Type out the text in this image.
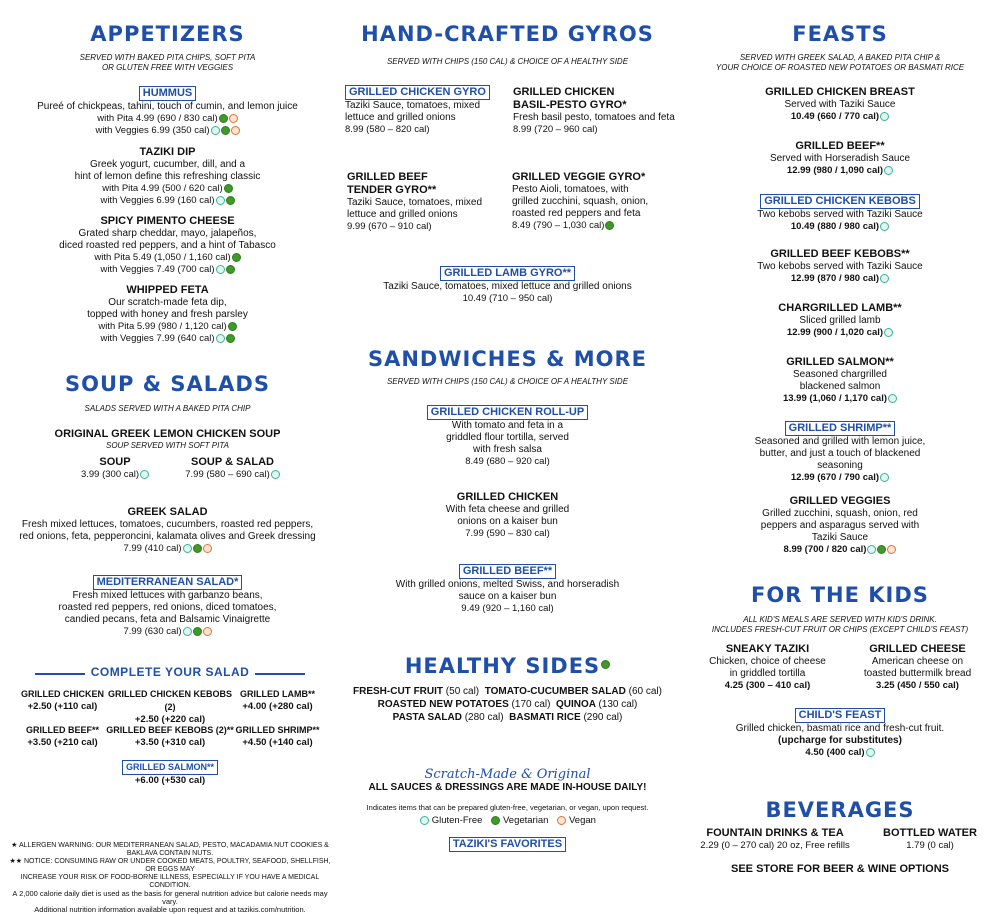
APPETIZERS
SERVED WITH BAKED PITA CHIPS, SOFT PITA
OR GLUTEN FREE WITH VEGGIES
HUMMUS
Pureé of chickpeas, tahini, touch of cumin, and lemon juice
with Pita 4.99 (690 / 830 cal)
with Veggies 6.99 (350 cal)
TAZIKI DIP
Greek yogurt, cucumber, dill, and a
hint of lemon define this refreshing classic
with Pita 4.99 (500 / 620 cal)
with Veggies 6.99 (160 cal)
SPICY PIMENTO CHEESE
Grated sharp cheddar, mayo, jalapeños,
diced roasted red peppers, and a hint of Tabasco
with Pita 5.49 (1,050 / 1,160 cal)
with Veggies 7.49 (700 cal)
WHIPPED FETA
Our scratch-made feta dip,
topped with honey and fresh parsley
with Pita 5.99 (980 / 1,120 cal)
with Veggies 7.99 (640 cal)
SOUP & SALADS
SALADS SERVED WITH A BAKED PITA CHIP
ORIGINAL GREEK LEMON CHICKEN SOUP
SOUP SERVED WITH SOFT PITA
SOUP
3.99 (300 cal)
SOUP & SALAD
7.99 (580 – 690 cal)
GREEK SALAD
Fresh mixed lettuces, tomatoes, cucumbers, roasted red peppers,
red onions, feta, pepperoncini, kalamata olives and Greek dressing
7.99 (410 cal)
MEDITERRANEAN SALAD*
Fresh mixed lettuces with garbanzo beans,
roasted red peppers, red onions, diced tomatoes,
candied pecans, feta and Balsamic Vinaigrette
7.99 (630 cal)
COMPLETE YOUR SALAD
GRILLED CHICKEN
+2.50 (+110 cal)
GRILLED CHICKEN KEBOBS (2)
+2.50 (+220 cal)
GRILLED LAMB**
+4.00 (+280 cal)
GRILLED BEEF**
+3.50 (+210 cal)
GRILLED BEEF KEBOBS (2)**
+3.50 (+310 cal)
GRILLED SHRIMP**
+4.50 (+140 cal)
GRILLED SALMON**
+6.00 (+530 cal)
★ ALLERGEN WARNING: OUR MEDITERRANEAN SALAD, PESTO, MACADAMIA NUT COOKIES & BAKLAVA CONTAIN NUTS.
★★ NOTICE: CONSUMING RAW OR UNDER COOKED MEATS, POULTRY, SEAFOOD, SHELLFISH, OR EGGS MAY
INCREASE YOUR RISK OF FOOD-BORNE ILLNESS, ESPECIALLY IF YOU HAVE A MEDICAL CONDITION.
A 2,000 calorie daily diet is used as the basis for general nutrition advice but calorie needs may vary.
Additional nutrition information available upon request and at tazikis.com/nutrition.
HAND-CRAFTED GYROS
SERVED WITH CHIPS (150 CAL) & CHOICE OF A HEALTHY SIDE
GRILLED CHICKEN GYRO
Taziki Sauce, tomatoes, mixed
lettuce and grilled onions
8.99 (580 – 820 cal)
GRILLED CHICKEN
BASIL-PESTO GYRO*
Fresh basil pesto, tomatoes and feta
8.99 (720 – 960 cal)
GRILLED BEEF
TENDER GYRO**
Taziki Sauce, tomatoes, mixed
lettuce and grilled onions
9.99 (670 – 910 cal)
GRILLED VEGGIE GYRO*
Pesto Aioli, tomatoes, with
grilled zucchini, squash, onion,
roasted red peppers and feta
8.49 (790 – 1,030 cal)
GRILLED LAMB GYRO**
Taziki Sauce, tomatoes, mixed lettuce and grilled onions
10.49 (710 – 950 cal)
SANDWICHES & MORE
SERVED WITH CHIPS (150 CAL) & CHOICE OF A HEALTHY SIDE
GRILLED CHICKEN ROLL-UP
With tomato and feta in a
griddled flour tortilla, served
with fresh salsa
8.49 (680 – 920 cal)
GRILLED CHICKEN
With feta cheese and grilled
onions on a kaiser bun
7.99 (590 – 830 cal)
GRILLED BEEF**
With grilled onions, melted Swiss, and horseradish
sauce on a kaiser bun
9.49 (920 – 1,160 cal)
HEALTHY SIDES
FRESH-CUT FRUIT (50 cal) TOMATO-CUCUMBER SALAD (60 cal)
ROASTED NEW POTATOES (170 cal) QUINOA (130 cal)
PASTA SALAD (280 cal) BASMATI RICE (290 cal)
Scratch-Made & Original
ALL SAUCES & DRESSINGS ARE MADE IN-HOUSE DAILY!
Indicates items that can be prepared gluten-free, vegetarian, or vegan, upon request.
Gluten-Free Vegetarian Vegan
TAZIKI'S FAVORITES
FEASTS
SERVED WITH GREEK SALAD, A BAKED PITA CHIP &
YOUR CHOICE OF ROASTED NEW POTATOES OR BASMATI RICE
GRILLED CHICKEN BREAST
Served with Taziki Sauce
10.49 (660 / 770 cal)
GRILLED BEEF**
Served with Horseradish Sauce
12.99 (980 / 1,090 cal)
GRILLED CHICKEN KEBOBS
Two kebobs served with Taziki Sauce
10.49 (880 / 980 cal)
GRILLED BEEF KEBOBS**
Two kebobs served with Taziki Sauce
12.99 (870 / 980 cal)
CHARGRILLED LAMB**
Sliced grilled lamb
12.99 (900 / 1,020 cal)
GRILLED SALMON**
Seasoned chargrilled
blackened salmon
13.99 (1,060 / 1,170 cal)
GRILLED SHRIMP**
Seasoned and grilled with lemon juice,
butter, and just a touch of blackened
seasoning
12.99 (670 / 790 cal)
GRILLED VEGGIES
Grilled zucchini, squash, onion, red
peppers and asparagus served with
Taziki Sauce
8.99 (700 / 820 cal)
FOR THE KIDS
ALL KID'S MEALS ARE SERVED WITH KID'S DRINK.
INCLUDES FRESH-CUT FRUIT OR CHIPS (EXCEPT CHILD'S FEAST)
SNEAKY TAZIKI
Chicken, choice of cheese
in griddled tortilla
4.25 (300 – 410 cal)
GRILLED CHEESE
American cheese on
toasted buttermilk bread
3.25 (450 / 550 cal)
CHILD'S FEAST
Grilled chicken, basmati rice and fresh-cut fruit.
(upcharge for substitutes)
4.50 (400 cal)
BEVERAGES
FOUNTAIN DRINKS & TEA
2.29 (0 – 270 cal) 20 oz, Free refills
BOTTLED WATER
1.79 (0 cal)
SEE STORE FOR BEER & WINE OPTIONS
